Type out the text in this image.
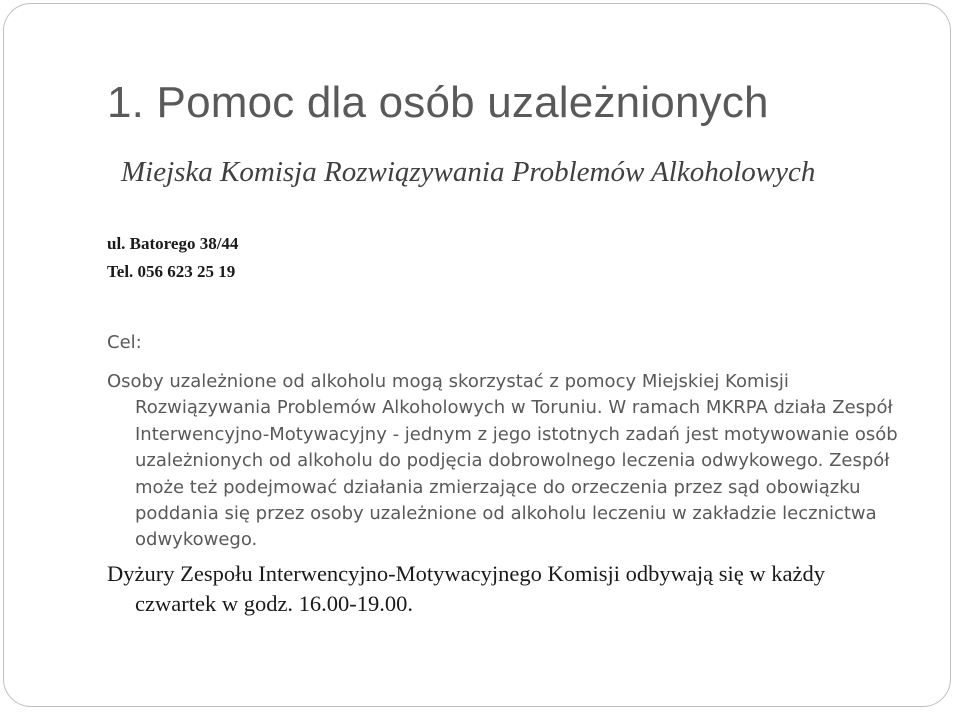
1. Pomoc dla osób uzależnionych
Miejska Komisja Rozwiązywania Problemów Alkoholowych
ul. Batorego 38/44
Tel. 056 623 25 19
Cel:
Osoby uzależnione od alkoholu mogą skorzystać z pomocy Miejskiej Komisji Rozwiązywania Problemów Alkoholowych w Toruniu. W ramach MKRPA działa Zespół Interwencyjno-Motywacyjny - jednym z jego istotnych zadań jest motywowanie osób uzależnionych od alkoholu do podjęcia dobrowolnego leczenia odwykowego. Zespół może też podejmować działania zmierzające do orzeczenia przez sąd obowiązku poddania się przez osoby uzależnione od alkoholu leczeniu w zakładzie lecznictwa odwykowego.
Dyżury Zespołu Interwencyjno-Motywacyjnego Komisji odbywają się w każdy czwartek w godz. 16.00-19.00.
